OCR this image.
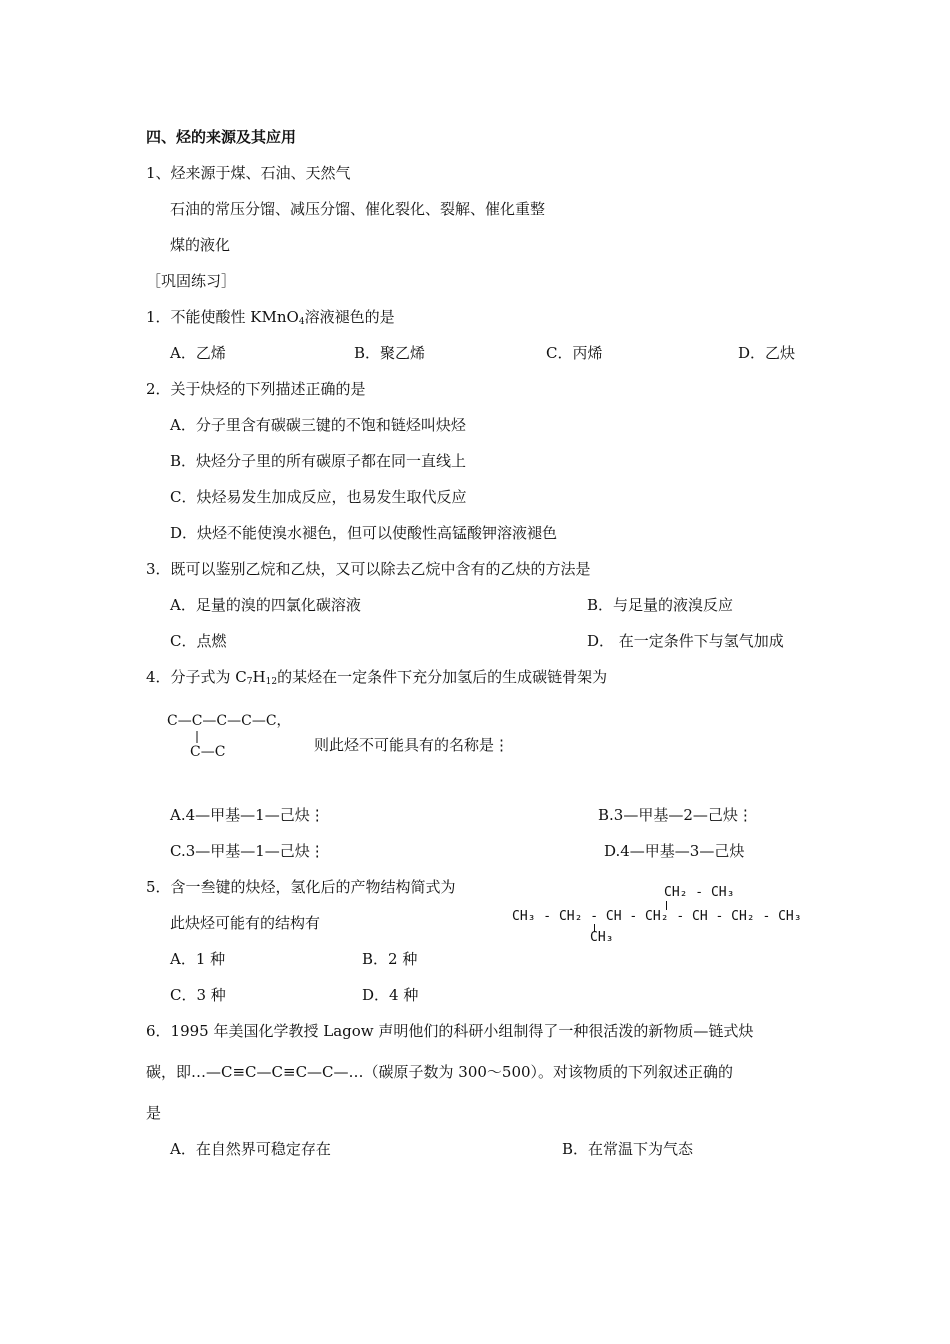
四、烃的来源及其应用
1、烃来源于煤、石油、天然气
石油的常压分馏、减压分馏、催化裂化、裂解、催化重整
煤的液化
［巩固练习］
1．不能使酸性 KMnO$_4$溶液褪色的是
A．乙烯	B．聚乙烯	C．丙烯	D．乙炔
2．关于炔烃的下列描述正确的是
A．分子里含有碳碳三键的不饱和链烃叫炔烃
B．炔烃分子里的所有碳原子都在同一直线上
C．炔烃易发生加成反应，也易发生取代反应
D．炔烃不能使溴水褪色，但可以使酸性高锰酸钾溶液褪色
3．既可以鉴别乙烷和乙炔，又可以除去乙烷中含有的乙炔的方法是
A．足量的溴的四氯化碳溶液	B．与足量的液溴反应
C．点燃	D． 在一定条件下与氢气加成
4．分子式为 $C_7H_{12}$的某烃在一定条件下充分加氢后的生成碳链骨架为
C—C—C—C—C，
C—C	则此烃不可能具有的名称是⋮
A.4—甲基—1—己炔⋮	B.3—甲基—2—己炔⋮
C.3—甲基—1—己炔⋮	D.4—甲基—3—己炔
5．含一叁键的炔烃，氢化后的产物结构简式为
此炔烃可能有的结构有
CH₂ - CH₃
CH₃ - CH₂ - CH - CH₂ - CH - CH₂ - CH₃
CH₃
A．1 种	B．2 种
C．3 种	D．4 种
6．1995 年美国化学教授 Lagow 声明他们的科研小组制得了一种很活泼的新物质—链式炔
碳，即…—C≡C—C≡C—C—…（碳原子数为 300～500）。对该物质的下列叙述正确的
是
A．在自然界可稳定存在	B．在常温下为气态
